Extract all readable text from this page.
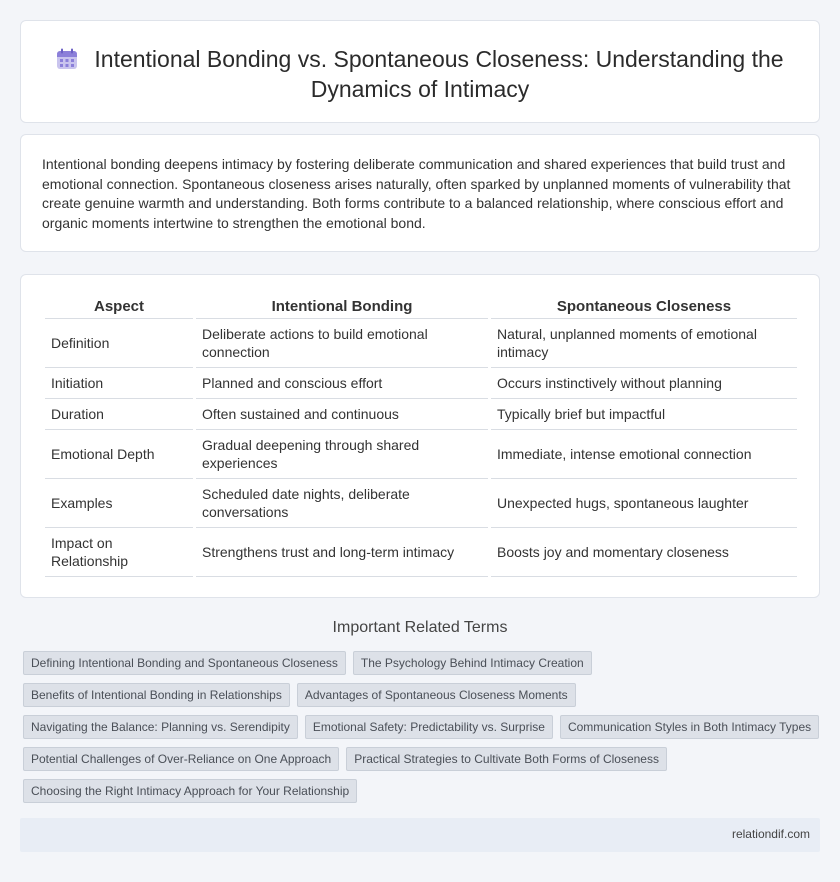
Intentional Bonding vs. Spontaneous Closeness: Understanding the Dynamics of Intimacy

Intentional bonding deepens intimacy by fostering deliberate communication and shared experiences that build trust and emotional connection. Spontaneous closeness arises naturally, often sparked by unplanned moments of vulnerability that create genuine warmth and understanding. Both forms contribute to a balanced relationship, where conscious effort and organic moments intertwine to strengthen the emotional bond.

Aspect	Intentional Bonding	Spontaneous Closeness
Definition	Deliberate actions to build emotional connection	Natural, unplanned moments of emotional intimacy
Initiation	Planned and conscious effort	Occurs instinctively without planning
Duration	Often sustained and continuous	Typically brief but impactful
Emotional Depth	Gradual deepening through shared experiences	Immediate, intense emotional connection
Examples	Scheduled date nights, deliberate conversations	Unexpected hugs, spontaneous laughter
Impact on Relationship	Strengthens trust and long-term intimacy	Boosts joy and momentary closeness
Important Related Terms
Defining Intentional Bonding and Spontaneous Closeness	The Psychology Behind Intimacy Creation
Benefits of Intentional Bonding in Relationships	Advantages of Spontaneous Closeness Moments
Navigating the Balance: Planning vs. Serendipity	Emotional Safety: Predictability vs. Surprise	Communication Styles in Both Intimacy Types
Potential Challenges of Over-Reliance on One Approach	Practical Strategies to Cultivate Both Forms of Closeness
Choosing the Right Intimacy Approach for Your Relationship
relationdif.com
